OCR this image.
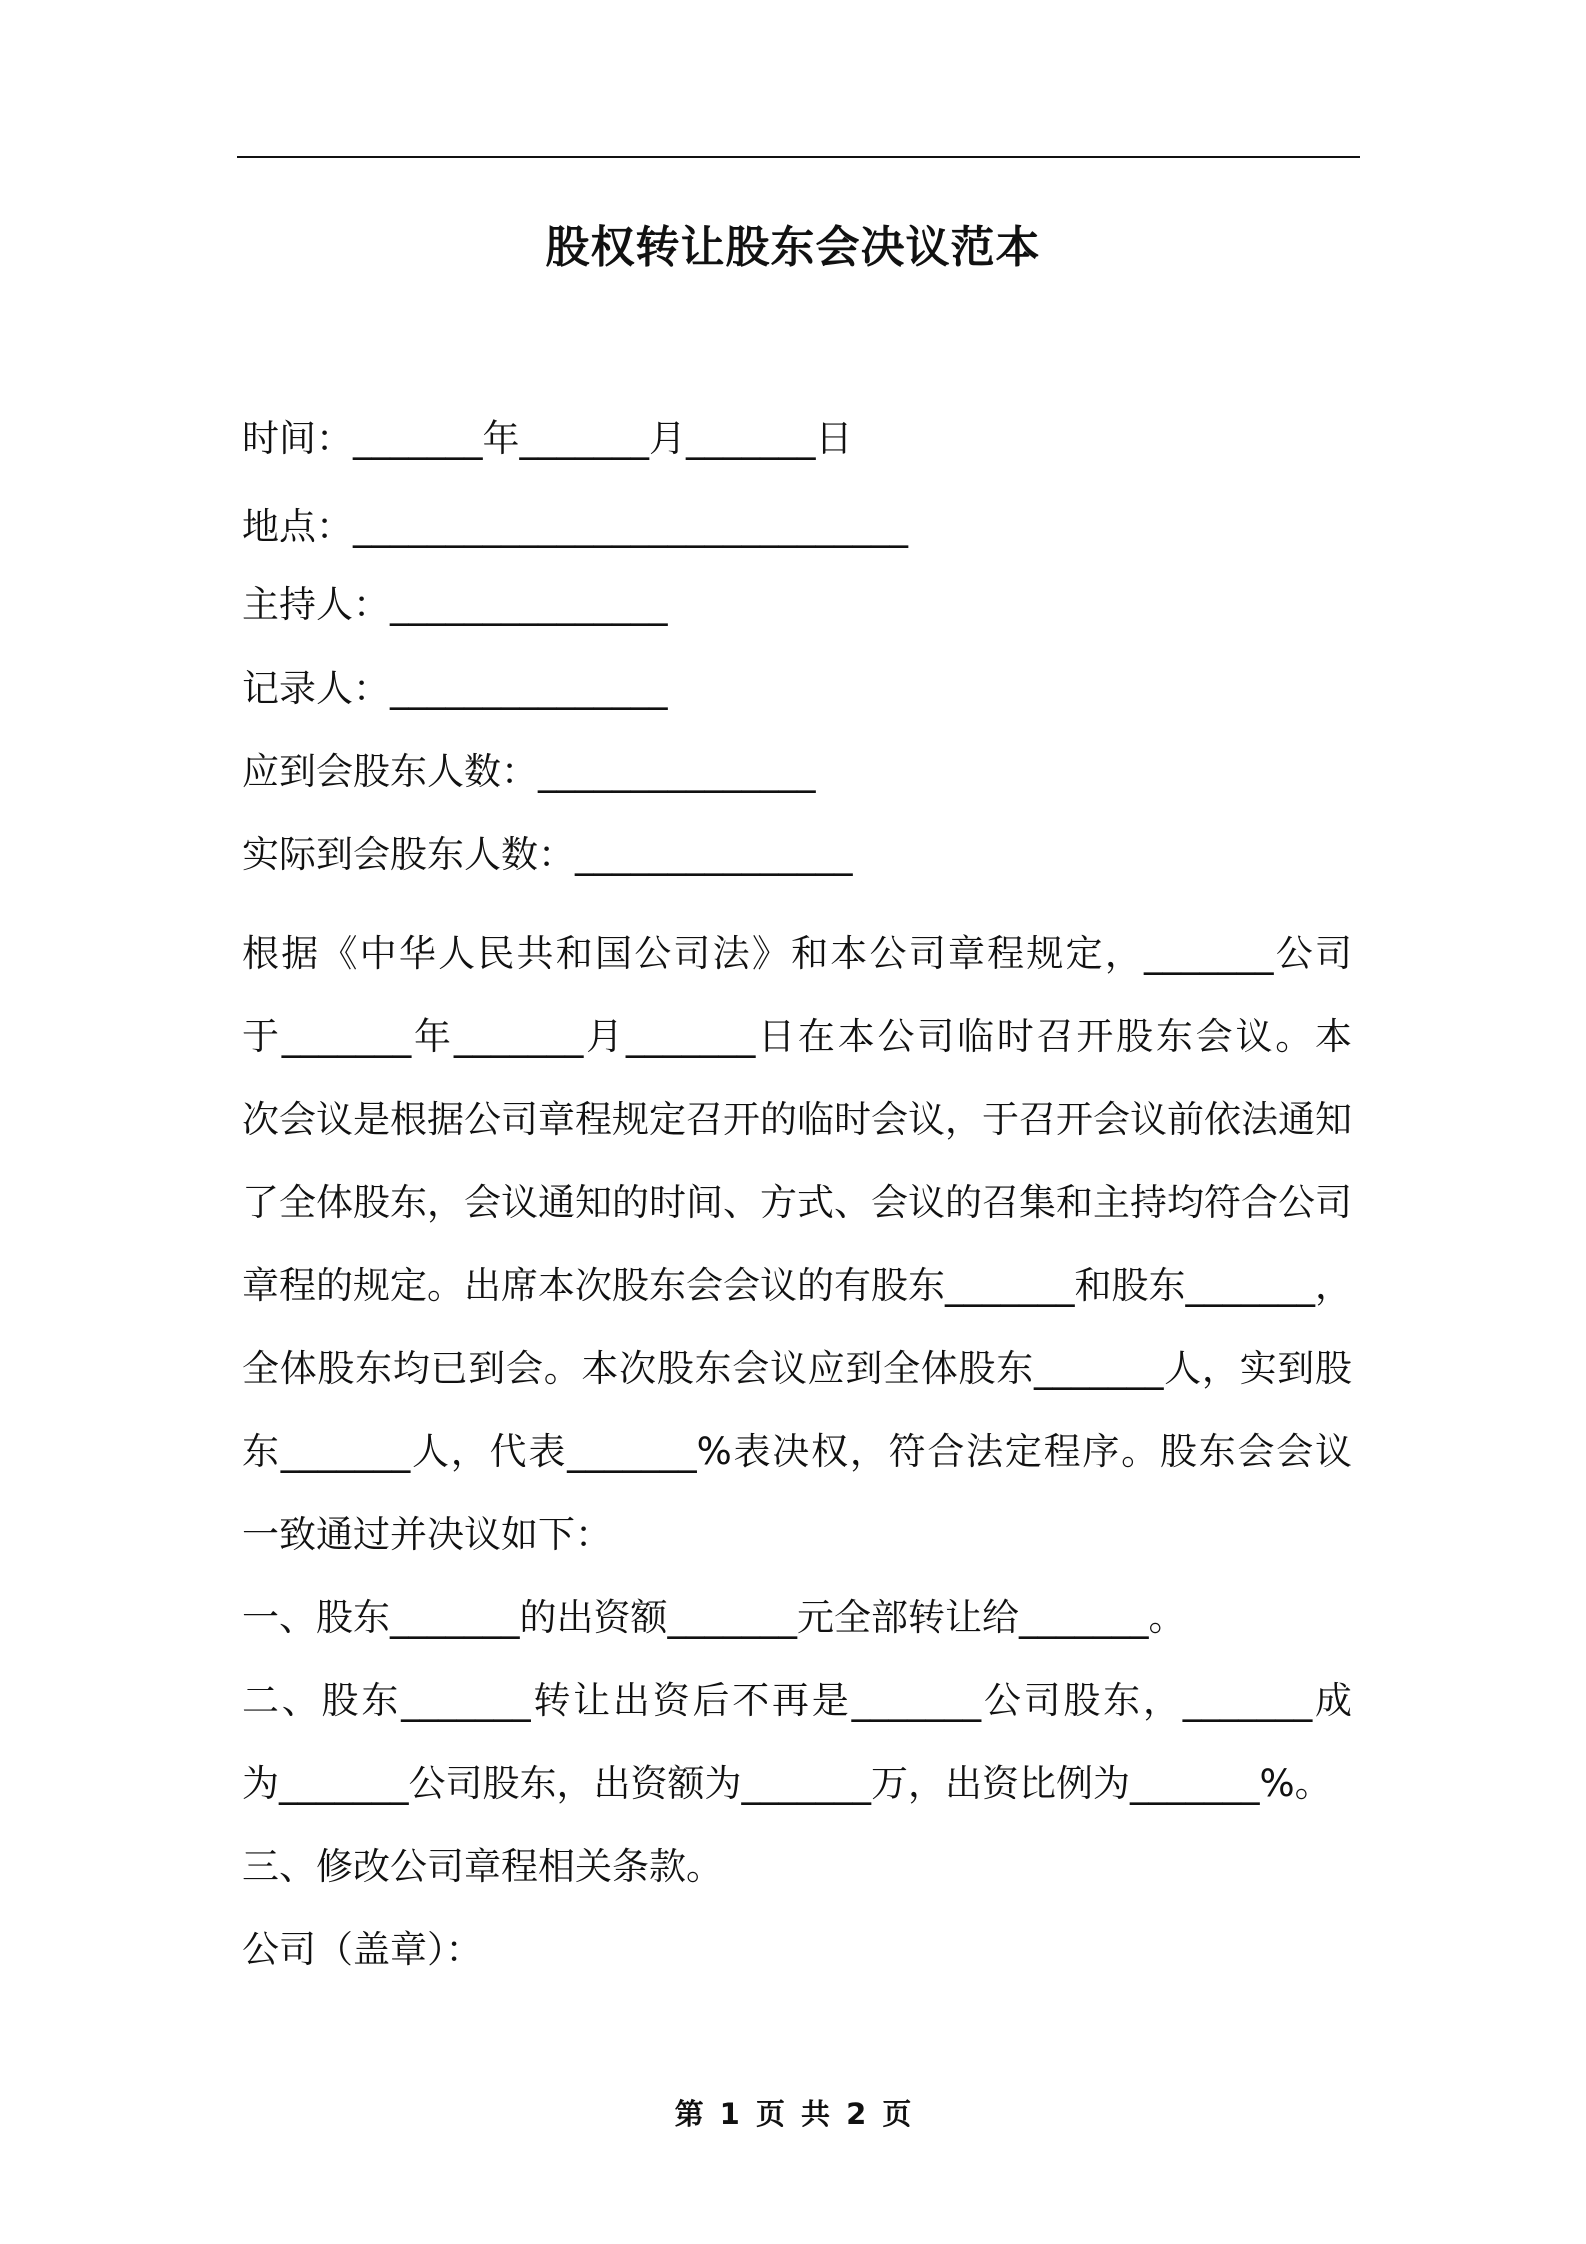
股权转让股东会决议范本
时间：_______年_______月_______日
地点：______________________________
主持人：_______________
记录人：_______________
应到会股东人数：_______________
实际到会股东人数：_______________
根据《中华人民共和国公司法》和本公司章程规定，_______公司
于_______年_______月_______日在本公司临时召开股东会议。本
次会议是根据公司章程规定召开的临时会议，于召开会议前依法通知
了全体股东，会议通知的时间、方式、会议的召集和主持均符合公司
章程的规定。出席本次股东会会议的有股东_______和股东_______，
全体股东均已到会。本次股东会议应到全体股东_______人，实到股
东_______人，代表_______%表决权，符合法定程序。股东会会议
一致通过并决议如下：
一、股东_______的出资额_______元全部转让给_______。
二、股东_______转让出资后不再是_______公司股东，_______成
为_______公司股东，出资额为_______万，出资比例为_______%。
三、修改公司章程相关条款。
公司（盖章）：
第 1 页 共 2 页
